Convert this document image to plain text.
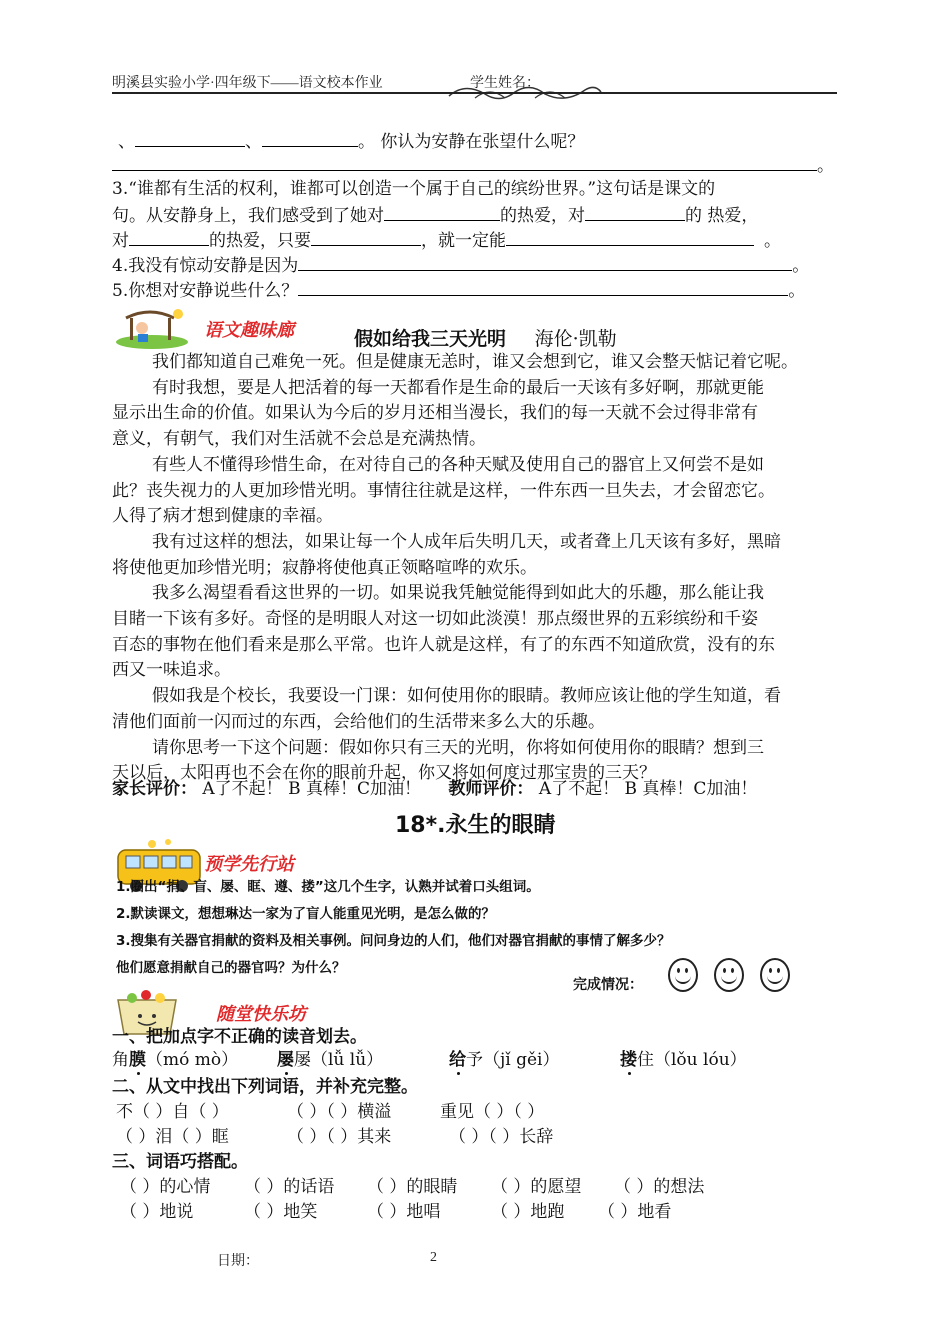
明溪县实验小学·四年级下——语文校本作业	学生姓名：
、	、	。 你认为安静在张望什么呢？
。
3.“谁都有生活的权利，谁都可以创造一个属于自己的缤纷世界。”这句话是课文的
句。从安静身上，我们感受到了她对	的热爱，对	的 热爱，
对	的热爱，只要	，就一定能	。
4.我没有惊动安静是因为	。
5.你想对安静说些什么？	。
语文趣味廊	假如给我三天光明 海伦·凯勒
我们都知道自己难免一死。但是健康无恙时，谁又会想到它，谁又会整天惦记着它呢。
有时我想，要是人把活着的每一天都看作是生命的最后一天该有多好啊，那就更能
显示出生命的价值。如果认为今后的岁月还相当漫长，我们的每一天就不会过得非常有
意义，有朝气，我们对生活就不会总是充满热情。
有些人不懂得珍惜生命，在对待自己的各种天赋及使用自己的器官上又何尝不是如
此？丧失视力的人更加珍惜光明。事情往往就是这样，一件东西一旦失去，才会留恋它。
人得了病才想到健康的幸福。
我有过这样的想法，如果让每一个人成年后失明几天，或者聋上几天该有多好，黑暗
将使他更加珍惜光明；寂静将使他真正领略喧哗的欢乐。
我多么渴望看看这世界的一切。如果说我凭触觉能得到如此大的乐趣，那么能让我
目睹一下该有多好。奇怪的是明眼人对这一切如此淡漠！那点缀世界的五彩缤纷和千姿
百态的事物在他们看来是那么平常。也许人就是这样，有了的东西不知道欣赏，没有的东
西又一味追求。
假如我是个校长，我要设一门课：如何使用你的眼睛。教师应该让他的学生知道，看
清他们面前一闪而过的东西，会给他们的生活带来多么大的乐趣。
请你思考一下这个问题：假如你只有三天的光明，你将如何使用你的眼睛？想到三
天以后，太阳再也不会在你的眼前升起，你又将如何度过那宝贵的三天？
家长评价： A了不起！ B 真棒！C加油！ 教师评价： A了不起！ B 真棒！C加油！
18*.永生的眼睛
预学先行站
1.圈出“捐、盲、屡、眶、遵、搂”这几个生字，认熟并试着口头组词。
2.默读课文，想想琳达一家为了盲人能重见光明，是怎么做的？
3.搜集有关器官捐献的资料及相关事例。问问身边的人们，他们对器官捐献的事情了解多少？
他们愿意捐献自己的器官吗？为什么？
完成情况：
随堂快乐坊
一、把加点字不正确的读音划去。
角膜（mó mò） 屡屡（lǚ lǚ）	给予（jǐ gěi）	搂住（lǒu lóu）
二、从文中找出下列词语，并补充完整。
不（ ）自（ ）	（ ）（ ）横溢	重见（ ）（ ）
（ ）泪（ ）眶	（ ）（ ）其来	（ ）（ ）长辞
三、词语巧搭配。
（ ）的心情 （ ）的话语 （ ）的眼睛 （ ）的愿望 （ ）的想法
（ ）地说	（ ）地笑	（ ）地唱	（ ）地跑 （ ）地看
日期：	2
